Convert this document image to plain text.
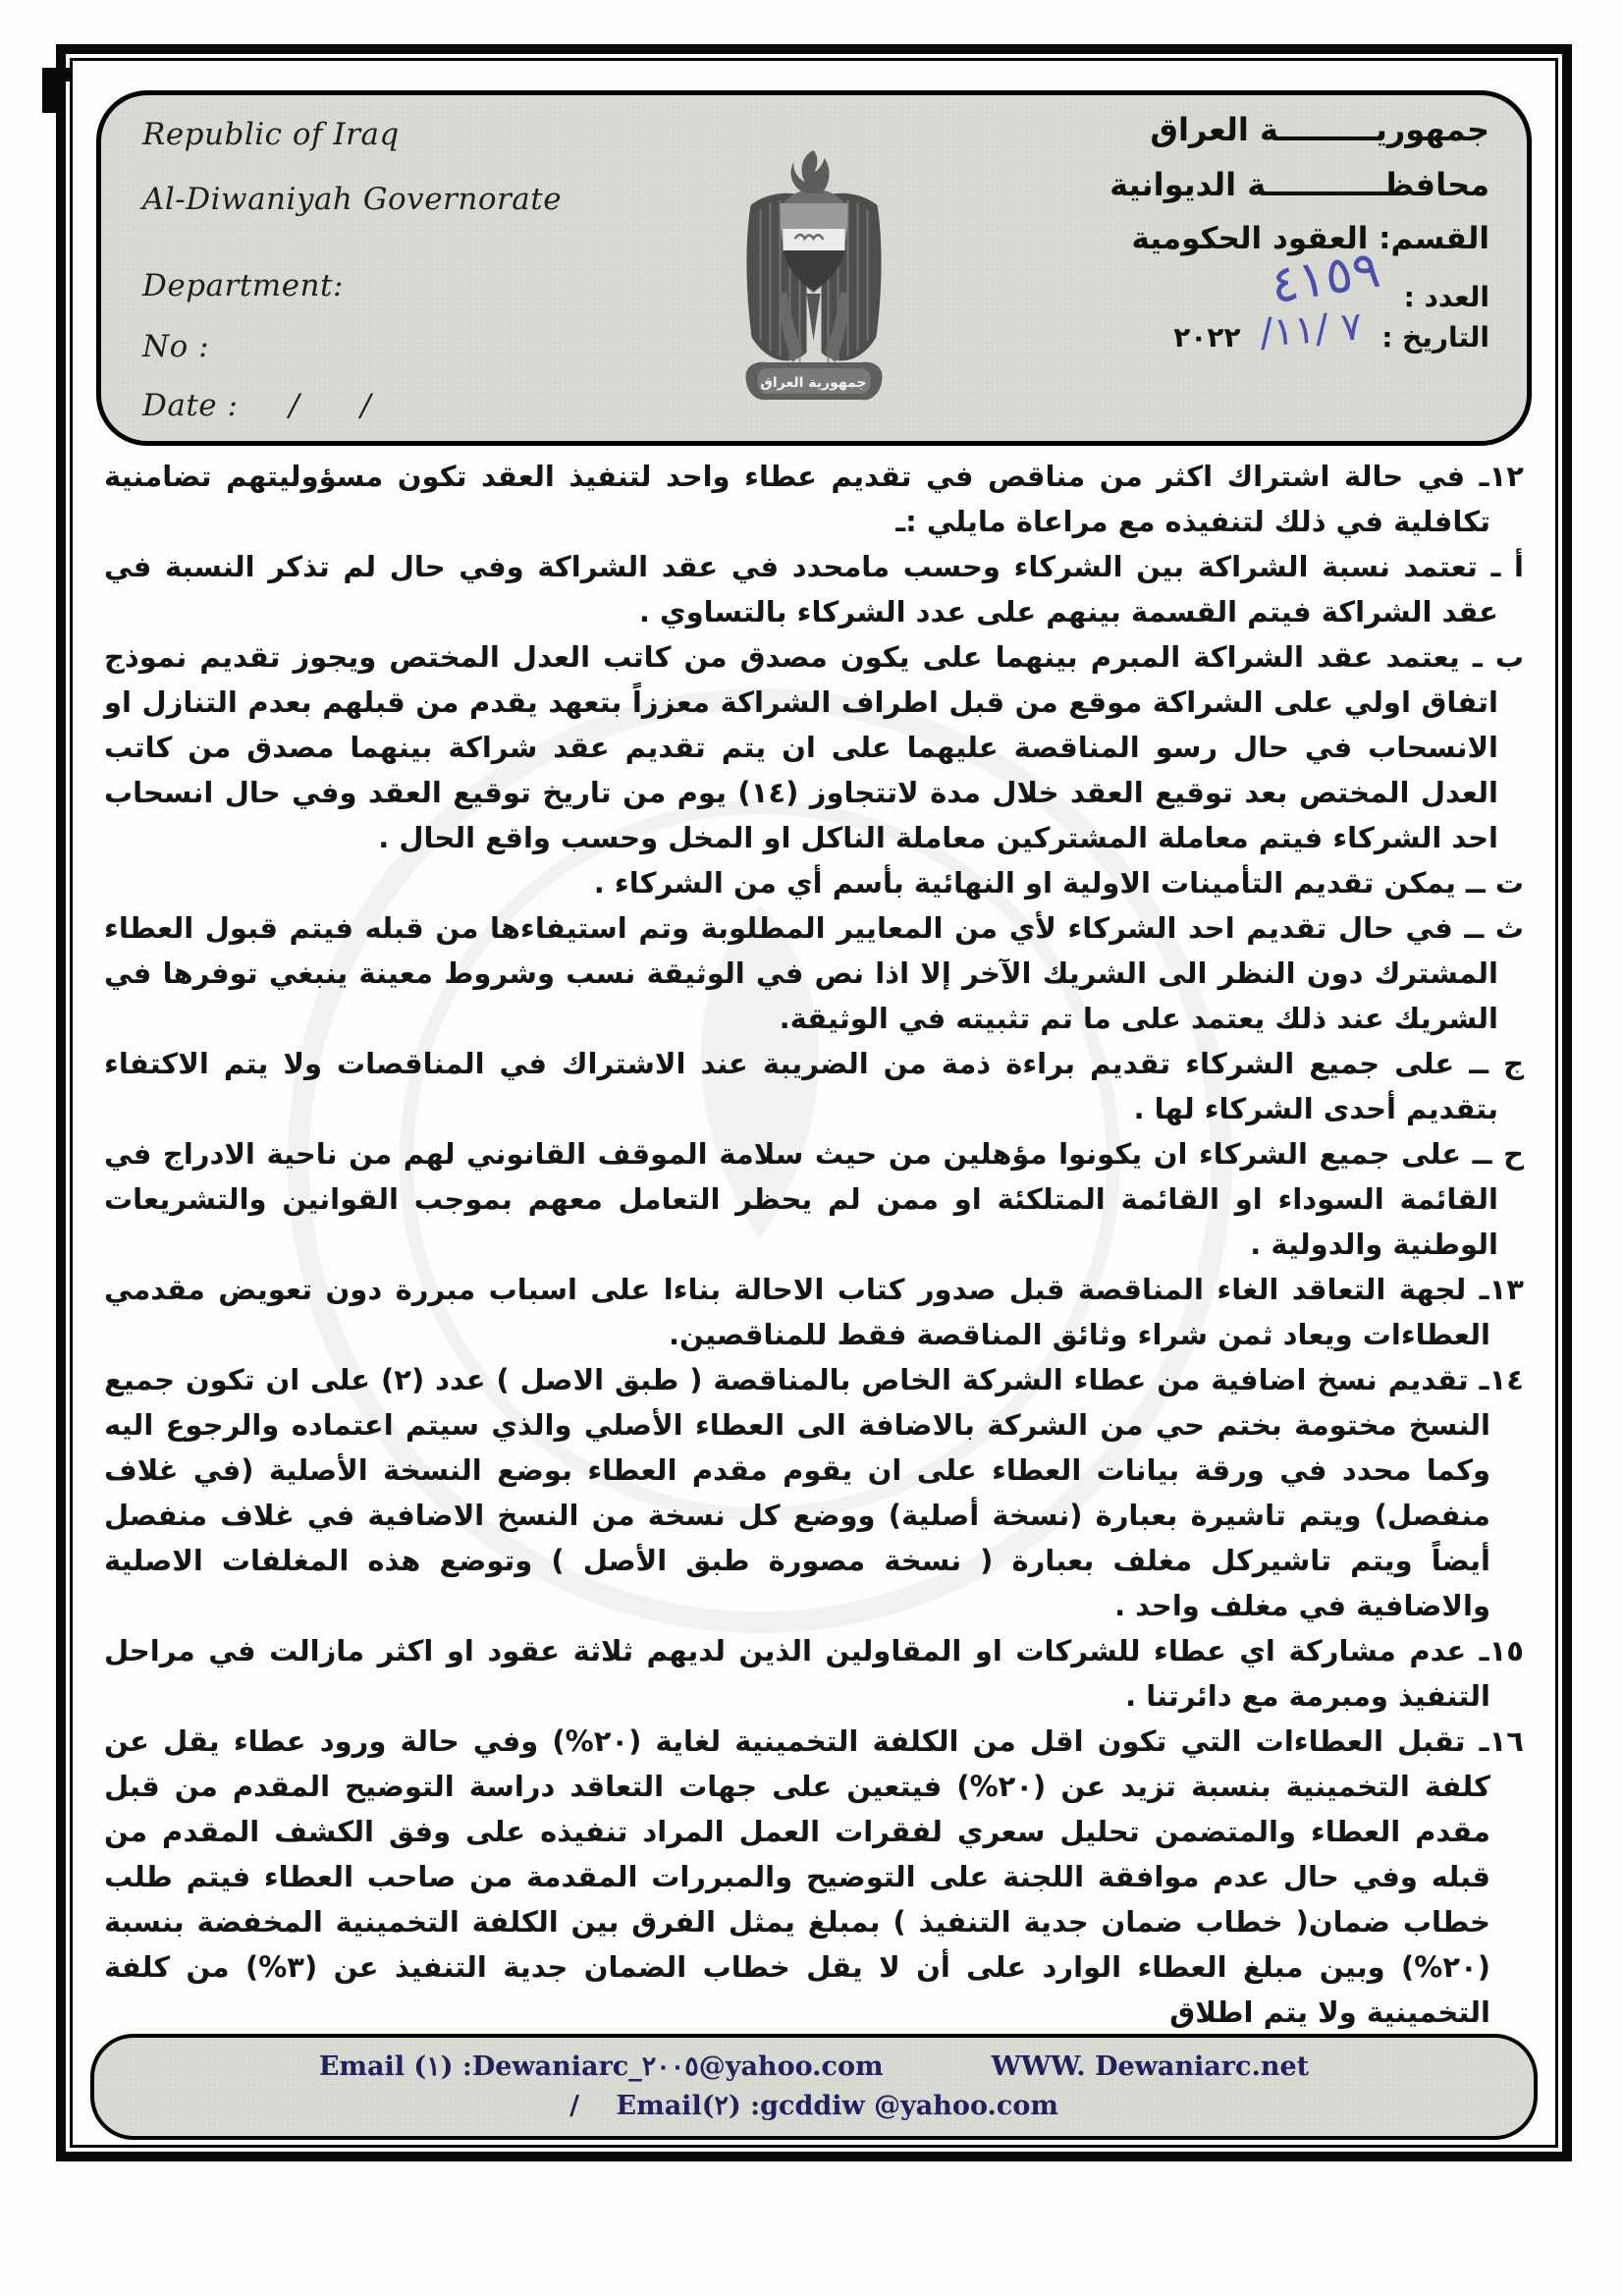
Republic of Iraq
Al-Diwaniyah Governorate
Department:
No :
Date :     /      /
جمهورية العراق
جمهوريـــــــــة العراق
محافظـــــــــــة الديوانية
القسم: العقود الحكومية
العدد : ٤١٥٩
التاريخ : ٧ /١١/ ٢٠٢٢

١٢ـ في حالة اشتراك اكثر من مناقص في تقديم عطاء واحد لتنفيذ العقد تكون مسؤوليتهم تضامنية تكافلية في ذلك لتنفيذه مع مراعاة مايلي :ـ

أ ـ تعتمد نسبة الشراكة بين الشركاء وحسب مامحدد في عقد الشراكة وفي حال لم تذكر النسبة في عقد الشراكة فيتم القسمة بينهم على عدد الشركاء بالتساوي .

ب ـ يعتمد عقد الشراكة المبرم بينهما على يكون مصدق من كاتب العدل المختص ويجوز تقديم نموذج اتفاق اولي على الشراكة موقع من قبل اطراف الشراكة معززاً بتعهد يقدم من قبلهم بعدم التنازل او الانسحاب في حال رسو المناقصة عليهما على ان يتم تقديم عقد شراكة بينهما مصدق من كاتب العدل المختص بعد توقيع العقد خلال مدة لاتتجاوز (١٤) يوم من تاريخ توقيع العقد وفي حال انسحاب احد الشركاء فيتم معاملة المشتركين معاملة الناكل او المخل وحسب واقع الحال .

ت ــ يمكن تقديم التأمينات الاولية او النهائية بأسم أي من الشركاء .

ث ــ في حال تقديم احد الشركاء لأي من المعايير المطلوبة وتم استيفاءها من قبله فيتم قبول العطاء المشترك دون النظر الى الشريك الآخر إلا اذا نص في الوثيقة نسب وشروط معينة ينبغي توفرها في الشريك عند ذلك يعتمد على ما تم تثبيته في الوثيقة.

ج ــ على جميع الشركاء تقديم براءة ذمة من الضريبة عند الاشتراك في المناقصات ولا يتم الاكتفاء بتقديم أحدى الشركاء لها .

ح ــ على جميع الشركاء ان يكونوا مؤهلين من حيث سلامة الموقف القانوني لهم من ناحية الادراج في القائمة السوداء او القائمة المتلكئة او ممن لم يحظر التعامل معهم بموجب القوانين والتشريعات الوطنية والدولية .

١٣ـ لجهة التعاقد الغاء المناقصة قبل صدور كتاب الاحالة بناءا على اسباب مبررة دون تعويض مقدمي العطاءات ويعاد ثمن شراء وثائق المناقصة فقط للمناقصين.

١٤ـ تقديم نسخ اضافية من عطاء الشركة الخاص بالمناقصة ( طبق الاصل ) عدد (٢) على ان تكون جميع النسخ مختومة بختم حي من الشركة بالاضافة الى العطاء الأصلي والذي سيتم اعتماده والرجوع اليه وكما محدد في ورقة بيانات العطاء على ان يقوم مقدم العطاء بوضع النسخة الأصلية (في غلاف منفصل) ويتم تاشيرة بعبارة (نسخة أصلية) ووضع كل نسخة من النسخ الاضافية في غلاف منفصل أيضاً ويتم تاشيركل مغلف بعبارة ( نسخة مصورة طبق الأصل ) وتوضع هذه المغلفات الاصلية والاضافية في مغلف واحد .

١٥ـ عدم مشاركة اي عطاء للشركات او المقاولين الذين لديهم ثلاثة عقود او اكثر مازالت في مراحل التنفيذ ومبرمة مع دائرتنا .

١٦ـ تقبل العطاءات التي تكون اقل من الكلفة التخمينية لغاية (٢٠%) وفي حالة ورود عطاء يقل عن كلفة التخمينية بنسبة تزيد عن (٢٠%) فيتعين على جهات التعاقد دراسة التوضيح المقدم من قبل مقدم العطاء والمتضمن تحليل سعري لفقرات العمل المراد تنفيذه على وفق الكشف المقدم من قبله وفي حال عدم موافقة اللجنة على التوضيح والمبررات المقدمة من صاحب العطاء فيتم طلب خطاب ضمان( خطاب ضمان جدية التنفيذ ) بمبلغ يمثل الفرق بين الكلفة التخمينية المخفضة بنسبة (٢٠%) وبين مبلغ العطاء الوارد على أن لا يقل خطاب الضمان جدية التنفيذ عن (٣%) من كلفة التخمينية ولا يتم اطلاق

Email (١) :Dewaniarc_٢٠٠٥@yahoo.com	WWW. Dewaniarc.net
/    Email(٢) :gcddiw @yahoo.com
